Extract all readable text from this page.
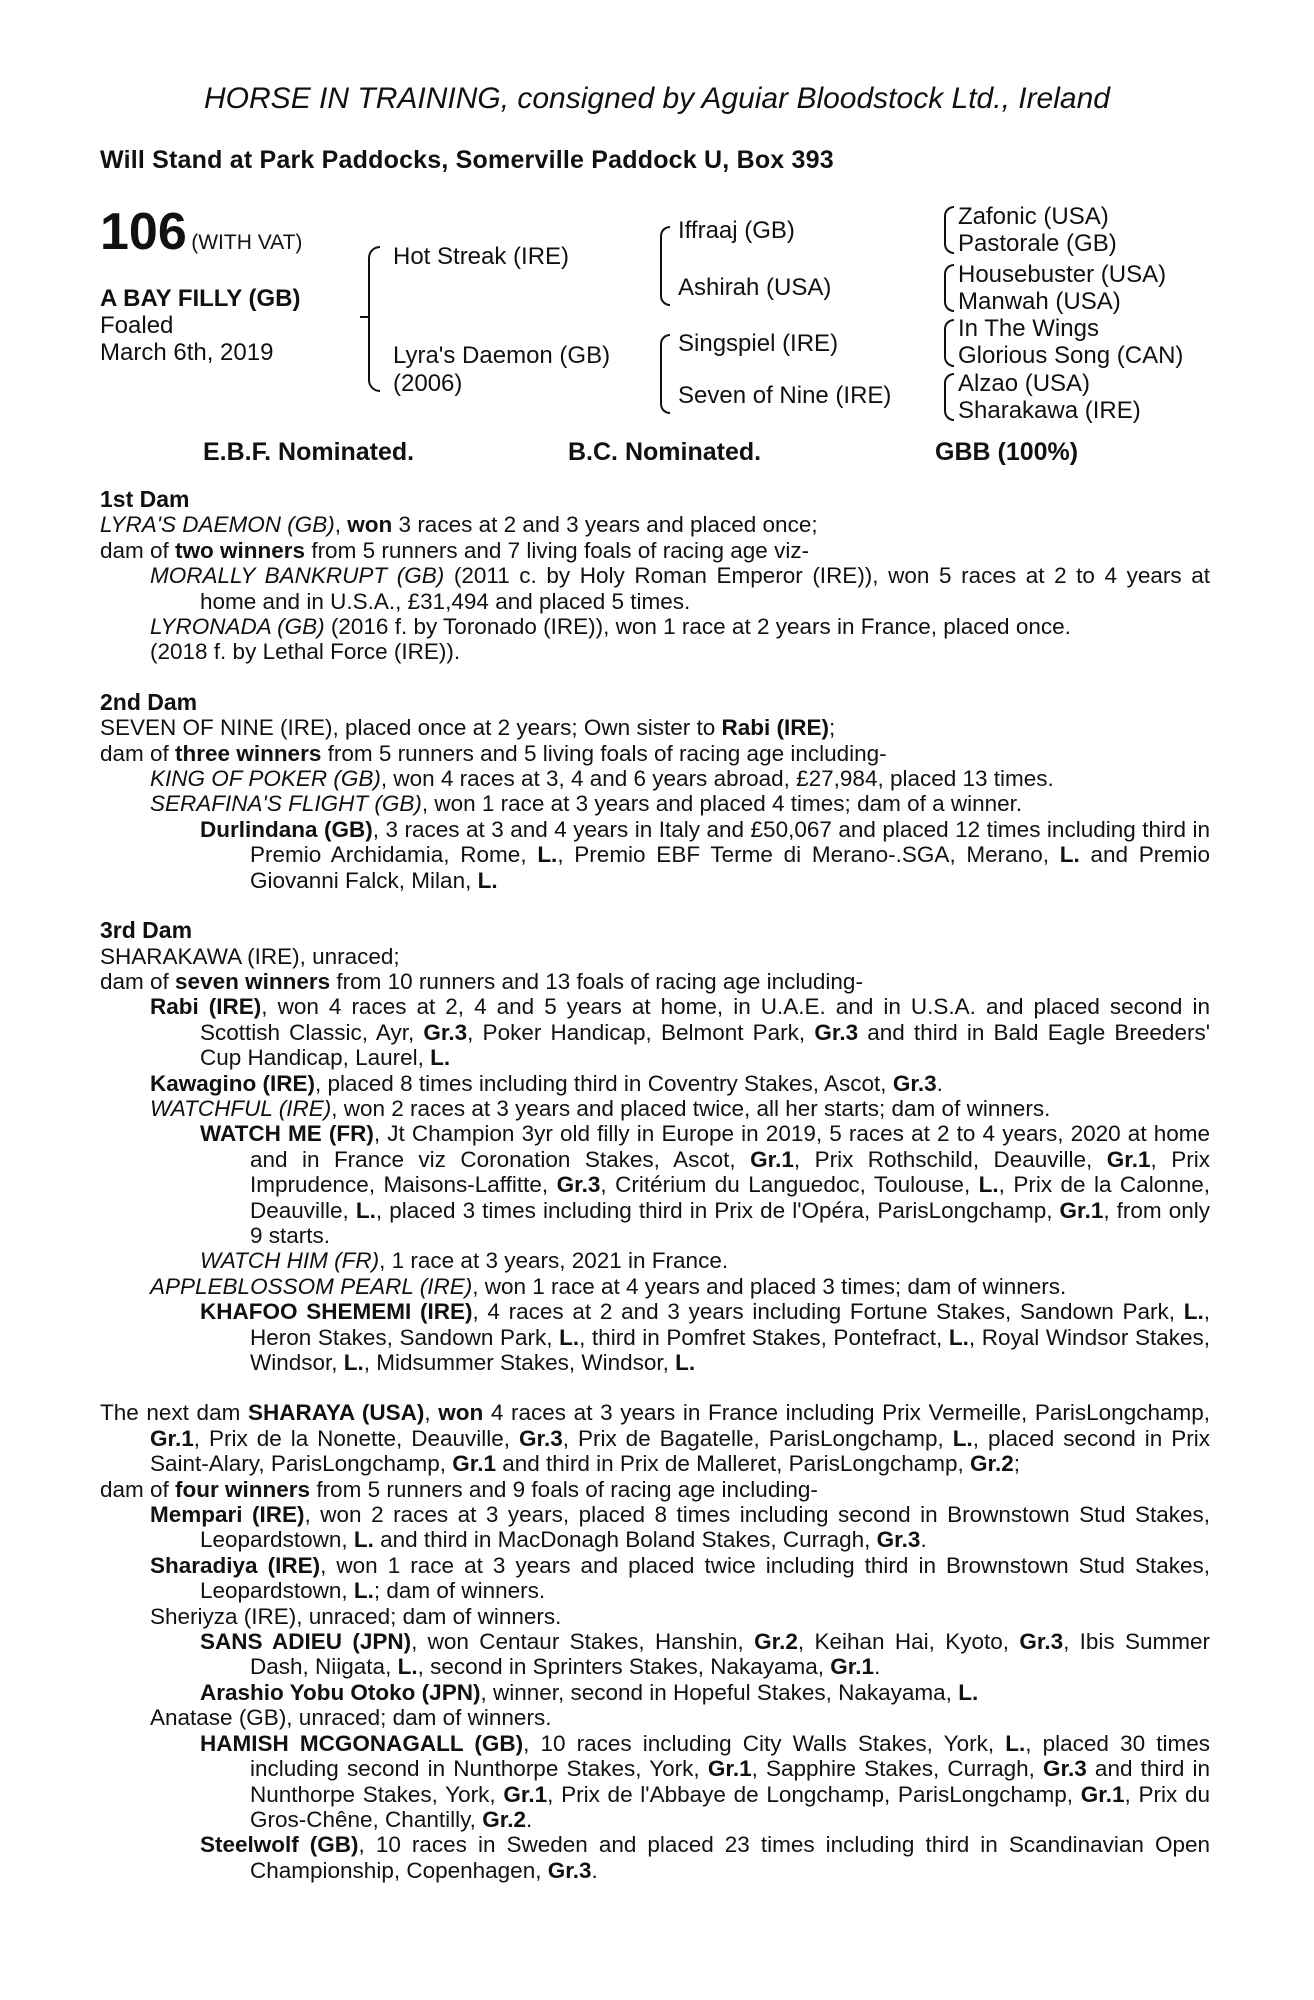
HORSE IN TRAINING, consigned by Aguiar Bloodstock Ltd., Ireland
Will Stand at Park Paddocks, Somerville Paddock U, Box 393
106 (WITH VAT)
A BAY FILLY (GB)
Foaled
March 6th, 2019
Hot Streak (IRE)
Lyra's Daemon (GB)
(2006)
Iffraaj (GB)
Ashirah (USA)
Singspiel (IRE)
Seven of Nine (IRE)
Zafonic (USA)
Pastorale (GB)
Housebuster (USA)
Manwah (USA)
In The Wings
Glorious Song (CAN)
Alzao (USA)
Sharakawa (IRE)
E.B.F. Nominated.	B.C. Nominated.	GBB (100%)
1st Dam
LYRA'S DAEMON (GB), won 3 races at 2 and 3 years and placed once;
dam of two winners from 5 runners and 7 living foals of racing age viz-
MORALLY BANKRUPT (GB) (2011 c. by Holy Roman Emperor (IRE)), won 5 races at 2 to 4 years at home and in U.S.A., £31,494 and placed 5 times.
LYRONADA (GB) (2016 f. by Toronado (IRE)), won 1 race at 2 years in France, placed once.
(2018 f. by Lethal Force (IRE)).
2nd Dam
SEVEN OF NINE (IRE), placed once at 2 years; Own sister to Rabi (IRE);
dam of three winners from 5 runners and 5 living foals of racing age including-
KING OF POKER (GB), won 4 races at 3, 4 and 6 years abroad, £27,984, placed 13 times.
SERAFINA'S FLIGHT (GB), won 1 race at 3 years and placed 4 times; dam of a winner.
Durlindana (GB), 3 races at 3 and 4 years in Italy and £50,067 and placed 12 times including third in Premio Archidamia, Rome, L., Premio EBF Terme di Merano-.SGA, Merano, L. and Premio Giovanni Falck, Milan, L.
3rd Dam
SHARAKAWA (IRE), unraced;
dam of seven winners from 10 runners and 13 foals of racing age including-
Rabi (IRE), won 4 races at 2, 4 and 5 years at home, in U.A.E. and in U.S.A. and placed second in Scottish Classic, Ayr, Gr.3, Poker Handicap, Belmont Park, Gr.3 and third in Bald Eagle Breeders' Cup Handicap, Laurel, L.
Kawagino (IRE), placed 8 times including third in Coventry Stakes, Ascot, Gr.3.
WATCHFUL (IRE), won 2 races at 3 years and placed twice, all her starts; dam of winners.
WATCH ME (FR), Jt Champion 3yr old filly in Europe in 2019, 5 races at 2 to 4 years, 2020 at home and in France viz Coronation Stakes, Ascot, Gr.1, Prix Rothschild, Deauville, Gr.1, Prix Imprudence, Maisons-Laffitte, Gr.3, Critérium du Languedoc, Toulouse, L., Prix de la Calonne, Deauville, L., placed 3 times including third in Prix de l'Opéra, ParisLongchamp, Gr.1, from only 9 starts.
WATCH HIM (FR), 1 race at 3 years, 2021 in France.
APPLEBLOSSOM PEARL (IRE), won 1 race at 4 years and placed 3 times; dam of winners.
KHAFOO SHEMEMI (IRE), 4 races at 2 and 3 years including Fortune Stakes, Sandown Park, L., Heron Stakes, Sandown Park, L., third in Pomfret Stakes, Pontefract, L., Royal Windsor Stakes, Windsor, L., Midsummer Stakes, Windsor, L.
The next dam SHARAYA (USA), won 4 races at 3 years in France including Prix Vermeille, ParisLongchamp, Gr.1, Prix de la Nonette, Deauville, Gr.3, Prix de Bagatelle, ParisLongchamp, L., placed second in Prix Saint-Alary, ParisLongchamp, Gr.1 and third in Prix de Malleret, ParisLongchamp, Gr.2;
dam of four winners from 5 runners and 9 foals of racing age including-
Mempari (IRE), won 2 races at 3 years, placed 8 times including second in Brownstown Stud Stakes, Leopardstown, L. and third in MacDonagh Boland Stakes, Curragh, Gr.3.
Sharadiya (IRE), won 1 race at 3 years and placed twice including third in Brownstown Stud Stakes, Leopardstown, L.; dam of winners.
Sheriyza (IRE), unraced; dam of winners.
SANS ADIEU (JPN), won Centaur Stakes, Hanshin, Gr.2, Keihan Hai, Kyoto, Gr.3, Ibis Summer Dash, Niigata, L., second in Sprinters Stakes, Nakayama, Gr.1.
Arashio Yobu Otoko (JPN), winner, second in Hopeful Stakes, Nakayama, L.
Anatase (GB), unraced; dam of winners.
HAMISH MCGONAGALL (GB), 10 races including City Walls Stakes, York, L., placed 30 times including second in Nunthorpe Stakes, York, Gr.1, Sapphire Stakes, Curragh, Gr.3 and third in Nunthorpe Stakes, York, Gr.1, Prix de l'Abbaye de Longchamp, ParisLongchamp, Gr.1, Prix du Gros-Chêne, Chantilly, Gr.2.
Steelwolf (GB), 10 races in Sweden and placed 23 times including third in Scandinavian Open Championship, Copenhagen, Gr.3.
